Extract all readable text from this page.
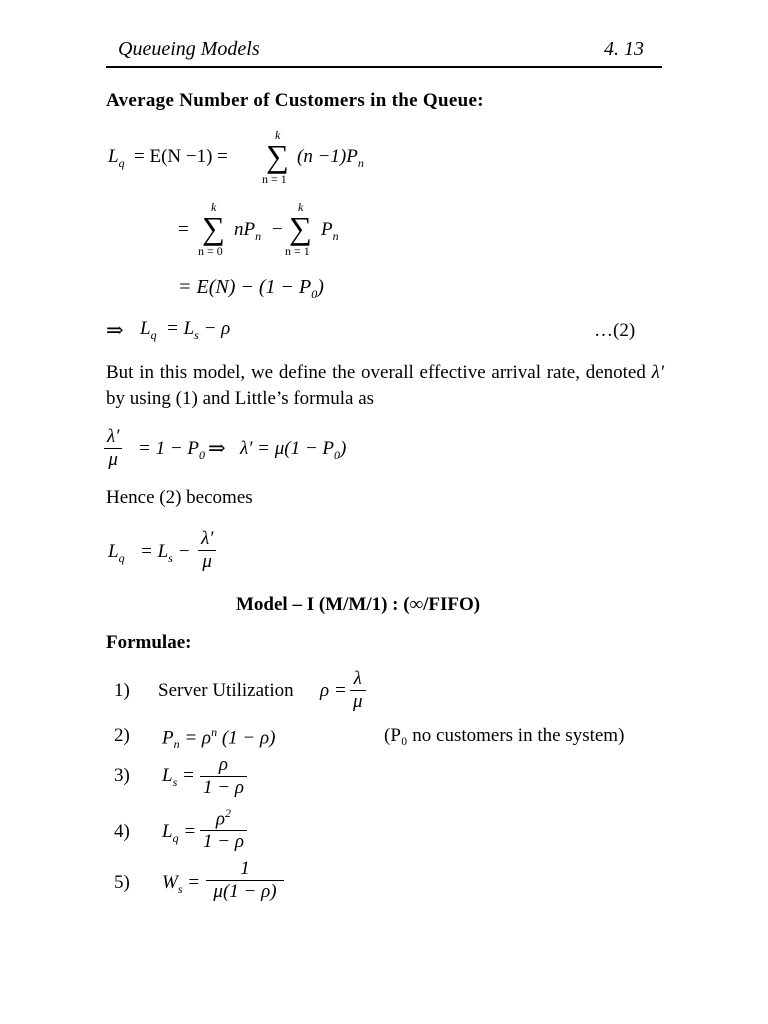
Queueing Models	4. 13
Average Number of Customers in the Queue:
$L_q = E(N -1)$ =
k
∑
n = 1
$(n -1)P_n$
=
k
∑
n = 0
$nP_n$ −
k
∑
n = 1
$P_n$
= $E(N) - (1 - P_0)$
⇒ $L_q = L_s - \rho$	…(2)
But in this model, we define the overall effective arrival rate, denoted λ′ by using (1) and Little’s formula as
$\frac{\lambda'}{\mu} = 1 - P_0$ ⇒ $\lambda' = \mu(1 - P_0)$
Hence (2) becomes
$L_q = L_s - \frac{\lambda'}{\mu}$
Model – I (M/M/1) : (∞/FIFO)
Formulae:
1) Server Utilization $\rho = \frac{\lambda}{\mu}$
2) $P_n = \rho^n$ (1 − ρ)	(P₀ no customers in the system)
3) $L_s = \frac{\rho}{1 - \rho}$
4) $L_q = \frac{\rho^2}{1 - \rho}$
5) $W_s = \frac{1}{\mu(1 - \rho)}$
